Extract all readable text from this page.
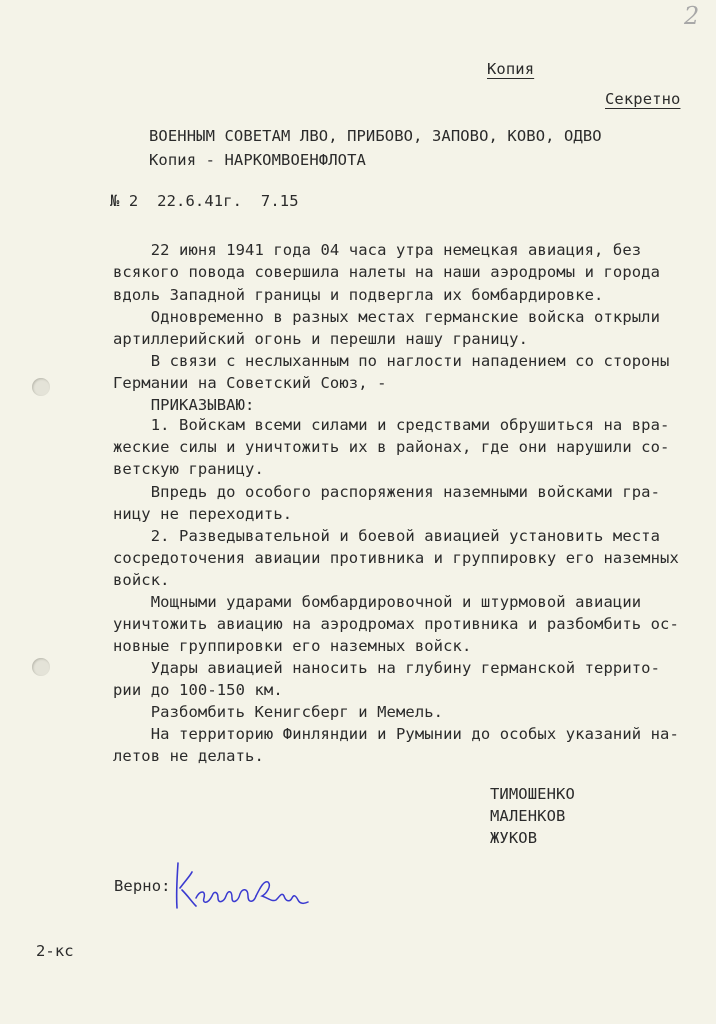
2
Копия
Секретно
ВОЕННЫМ СОВЕТАМ ЛВО, ПРИБОВО, ЗАПОВО, КОВО, ОДВО
Копия - НАРКОМВОЕНФЛОТА
№ 2  22.6.41г.  7.15
22 июня 1941 года 04 часа утра немецкая авиация, без
всякого повода совершила налеты на наши аэродромы и города
вдоль Западной границы и подвергла их бомбардировке.
Одновременно в разных местах германские войска открыли
артиллерийский огонь и перешли нашу границу.
В связи с неслыханным по наглости нападением со стороны
Германии на Советский Союз, -
ПРИКАЗЫВАЮ:
1. Войскам всеми силами и средствами обрушиться на вра-
жеские силы и уничтожить их в районах, где они нарушили со-
ветскую границу.
Впредь до особого распоряжения наземными войсками гра-
ницу не переходить.
2. Разведывательной и боевой авиацией установить места
сосредоточения авиации противника и группировку его наземных
войск.
Мощными ударами бомбардировочной и штурмовой авиации
уничтожить авиацию на аэродромах противника и разбомбить ос-
новные группировки его наземных войск.
Удары авиацией наносить на глубину германской террито-
рии до 100-150 км.
Разбомбить Кенигсберг и Мемель.
На территорию Финляндии и Румынии до особых указаний на-
летов не делать.
ТИМОШЕНКО
МАЛЕНКОВ
ЖУКОВ
Верно:
2-кс
